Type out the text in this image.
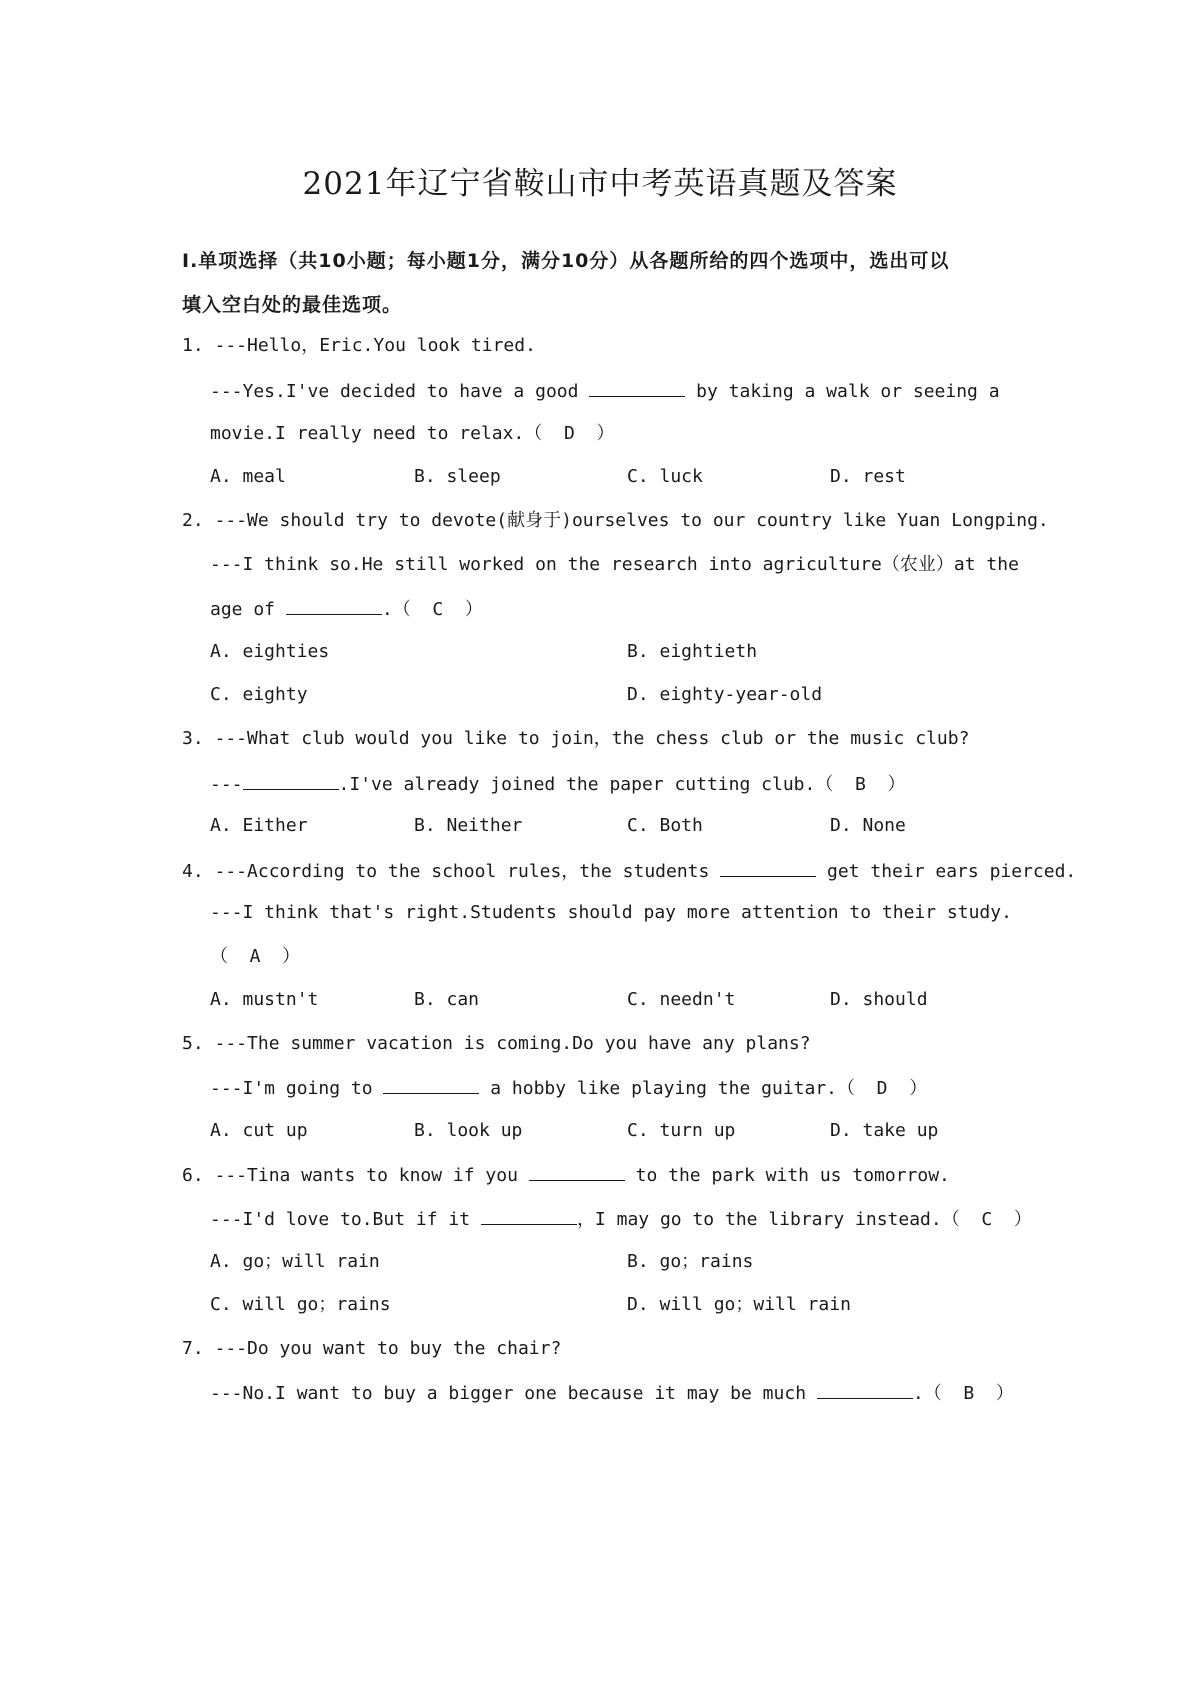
2021年辽宁省鞍山市中考英语真题及答案
Ⅰ.单项选择（共10小题；每小题1分，满分10分）从各题所给的四个选项中，选出可以
填入空白处的最佳选项。
1. ---Hello，Eric.You look tired.
---Yes.I've decided to have a good	by taking a walk or seeing a
movie.I really need to relax.（  D  ）
A. meal	B. sleep	C. luck	D. rest
2. ---We should try to devote(献身于)ourselves to our country like Yuan Longping.
---I think so.He still worked on the research into agriculture（农业）at the
age of	.（  C  ）
A. eighties	B. eightieth
C. eighty	D. eighty-year-old
3. ---What club would you like to join，the chess club or the music club?
---	.I've already joined the paper cutting club.（  B  ）
A. Either	B. Neither	C. Both	D. None
4. ---According to the school rules，the students	get their ears pierced.
---I think that's right.Students should pay more attention to their study.
（  A  ）
A. mustn't	B. can	C. needn't	D. should
5. ---The summer vacation is coming.Do you have any plans?
---I'm going to	a hobby like playing the guitar.（  D  ）
A. cut up	B. look up	C. turn up	D. take up
6. ---Tina wants to know if you	to the park with us tomorrow.
---I'd love to.But if it	，I may go to the library instead.（  C  ）
A. go；will rain	B. go；rains
C. will go；rains	D. will go；will rain
7. ---Do you want to buy the chair?
---No.I want to buy a bigger one because it may be much	.（  B  ）
